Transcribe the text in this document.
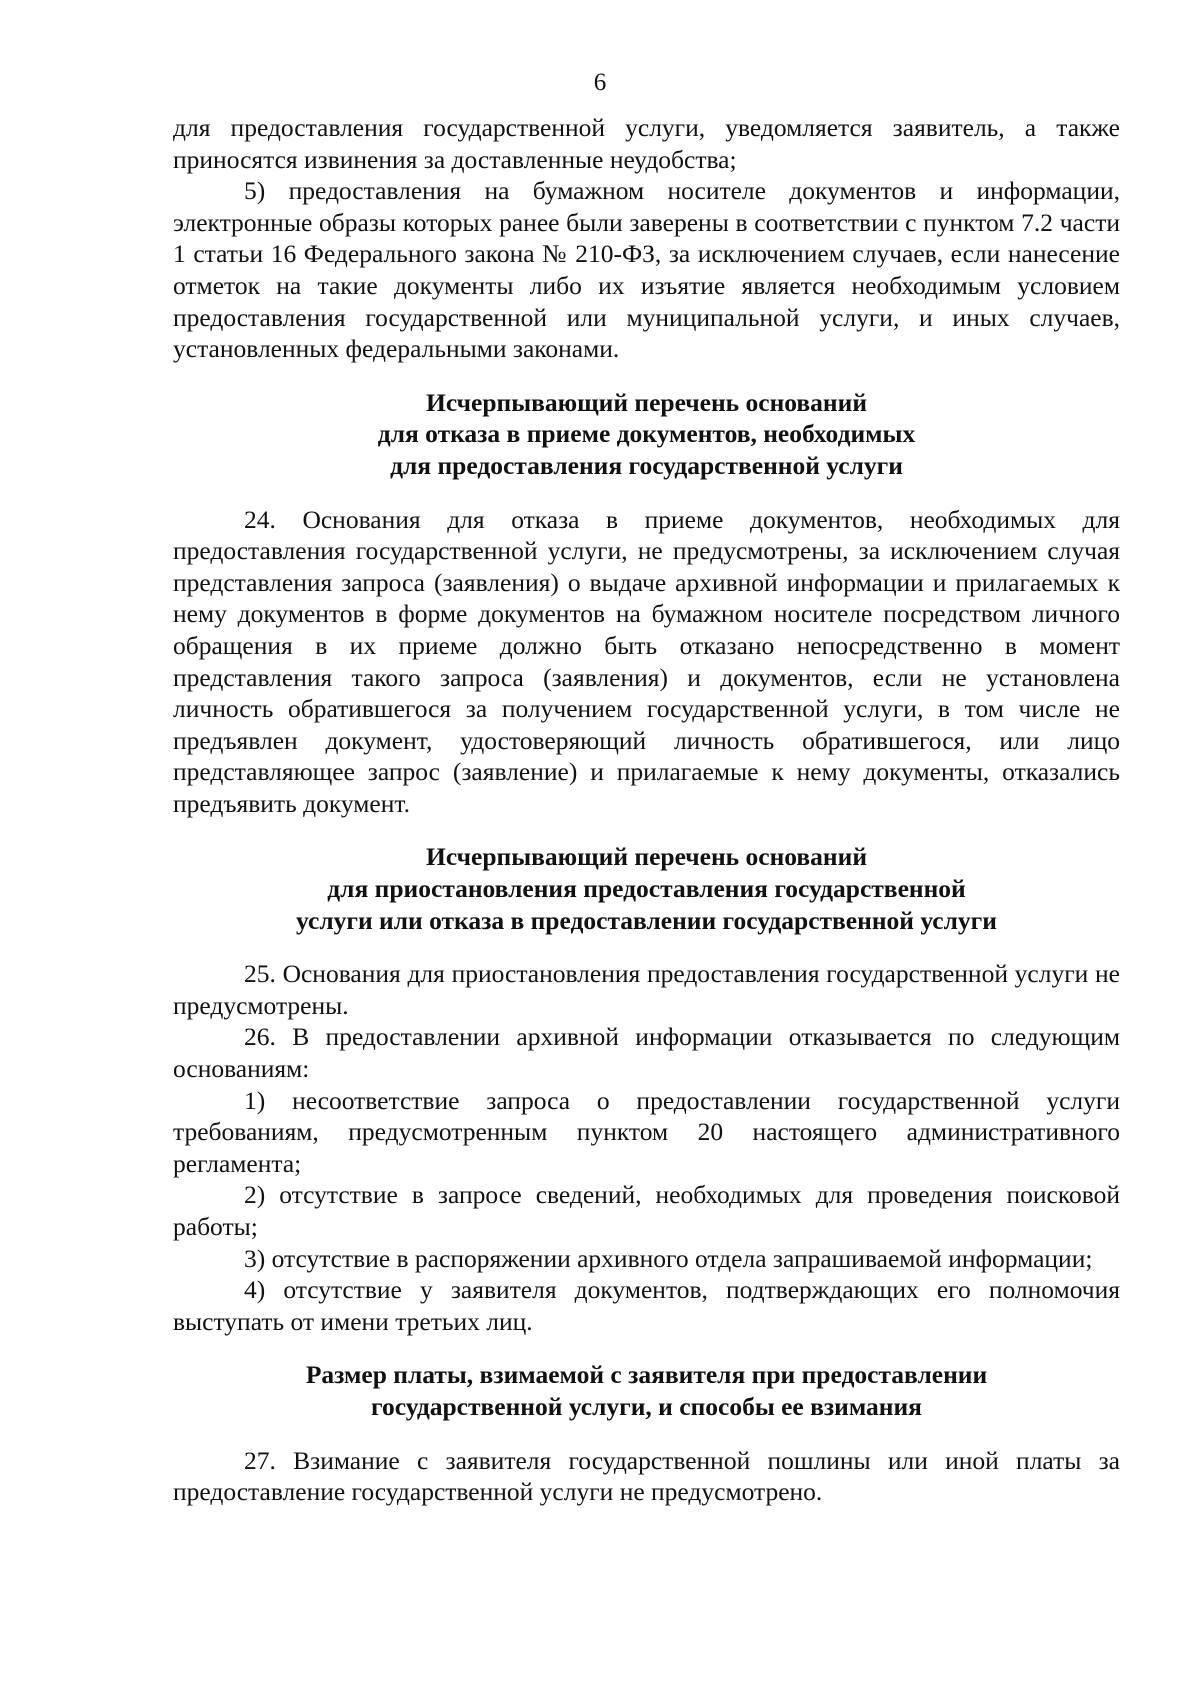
6

для предоставления государственной услуги, уведомляется заявитель, а также приносятся извинения за доставленные неудобства;

5) предоставления на бумажном носителе документов и информации, электронные образы которых ранее были заверены в соответствии с пунктом 7.2 части 1 статьи 16 Федерального закона № 210-ФЗ, за исключением случаев, если нанесение отметок на такие документы либо их изъятие является необходимым условием предоставления государственной или муниципальной услуги, и иных случаев, установленных федеральными законами.

Исчерпывающий перечень оснований
для отказа в приеме документов, необходимых
для предоставления государственной услуги

24. Основания для отказа в приеме документов, необходимых для предоставления государственной услуги, не предусмотрены, за исключением случая представления запроса (заявления) о выдаче архивной информации и прилагаемых к нему документов в форме документов на бумажном носителе посредством личного обращения в их приеме должно быть отказано непосредственно в момент представления такого запроса (заявления) и документов, если не установлена личность обратившегося за получением государственной услуги, в том числе не предъявлен документ, удостоверяющий личность обратившегося, или лицо представляющее запрос (заявление) и прилагаемые к нему документы, отказались предъявить документ.

Исчерпывающий перечень оснований
для приостановления предоставления государственной
услуги или отказа в предоставлении государственной услуги

25. Основания для приостановления предоставления государственной услуги не предусмотрены.

26. В предоставлении архивной информации отказывается по следующим основаниям:

1) несоответствие запроса о предоставлении государственной услуги требованиям, предусмотренным пунктом 20 настоящего административного регламента;

2) отсутствие в запросе сведений, необходимых для проведения поисковой работы;

3) отсутствие в распоряжении архивного отдела запрашиваемой информации;

4) отсутствие у заявителя документов, подтверждающих его полномочия выступать от имени третьих лиц.

Размер платы, взимаемой с заявителя при предоставлении
государственной услуги, и способы ее взимания

27. Взимание с заявителя государственной пошлины или иной платы за предоставление государственной услуги не предусмотрено.
